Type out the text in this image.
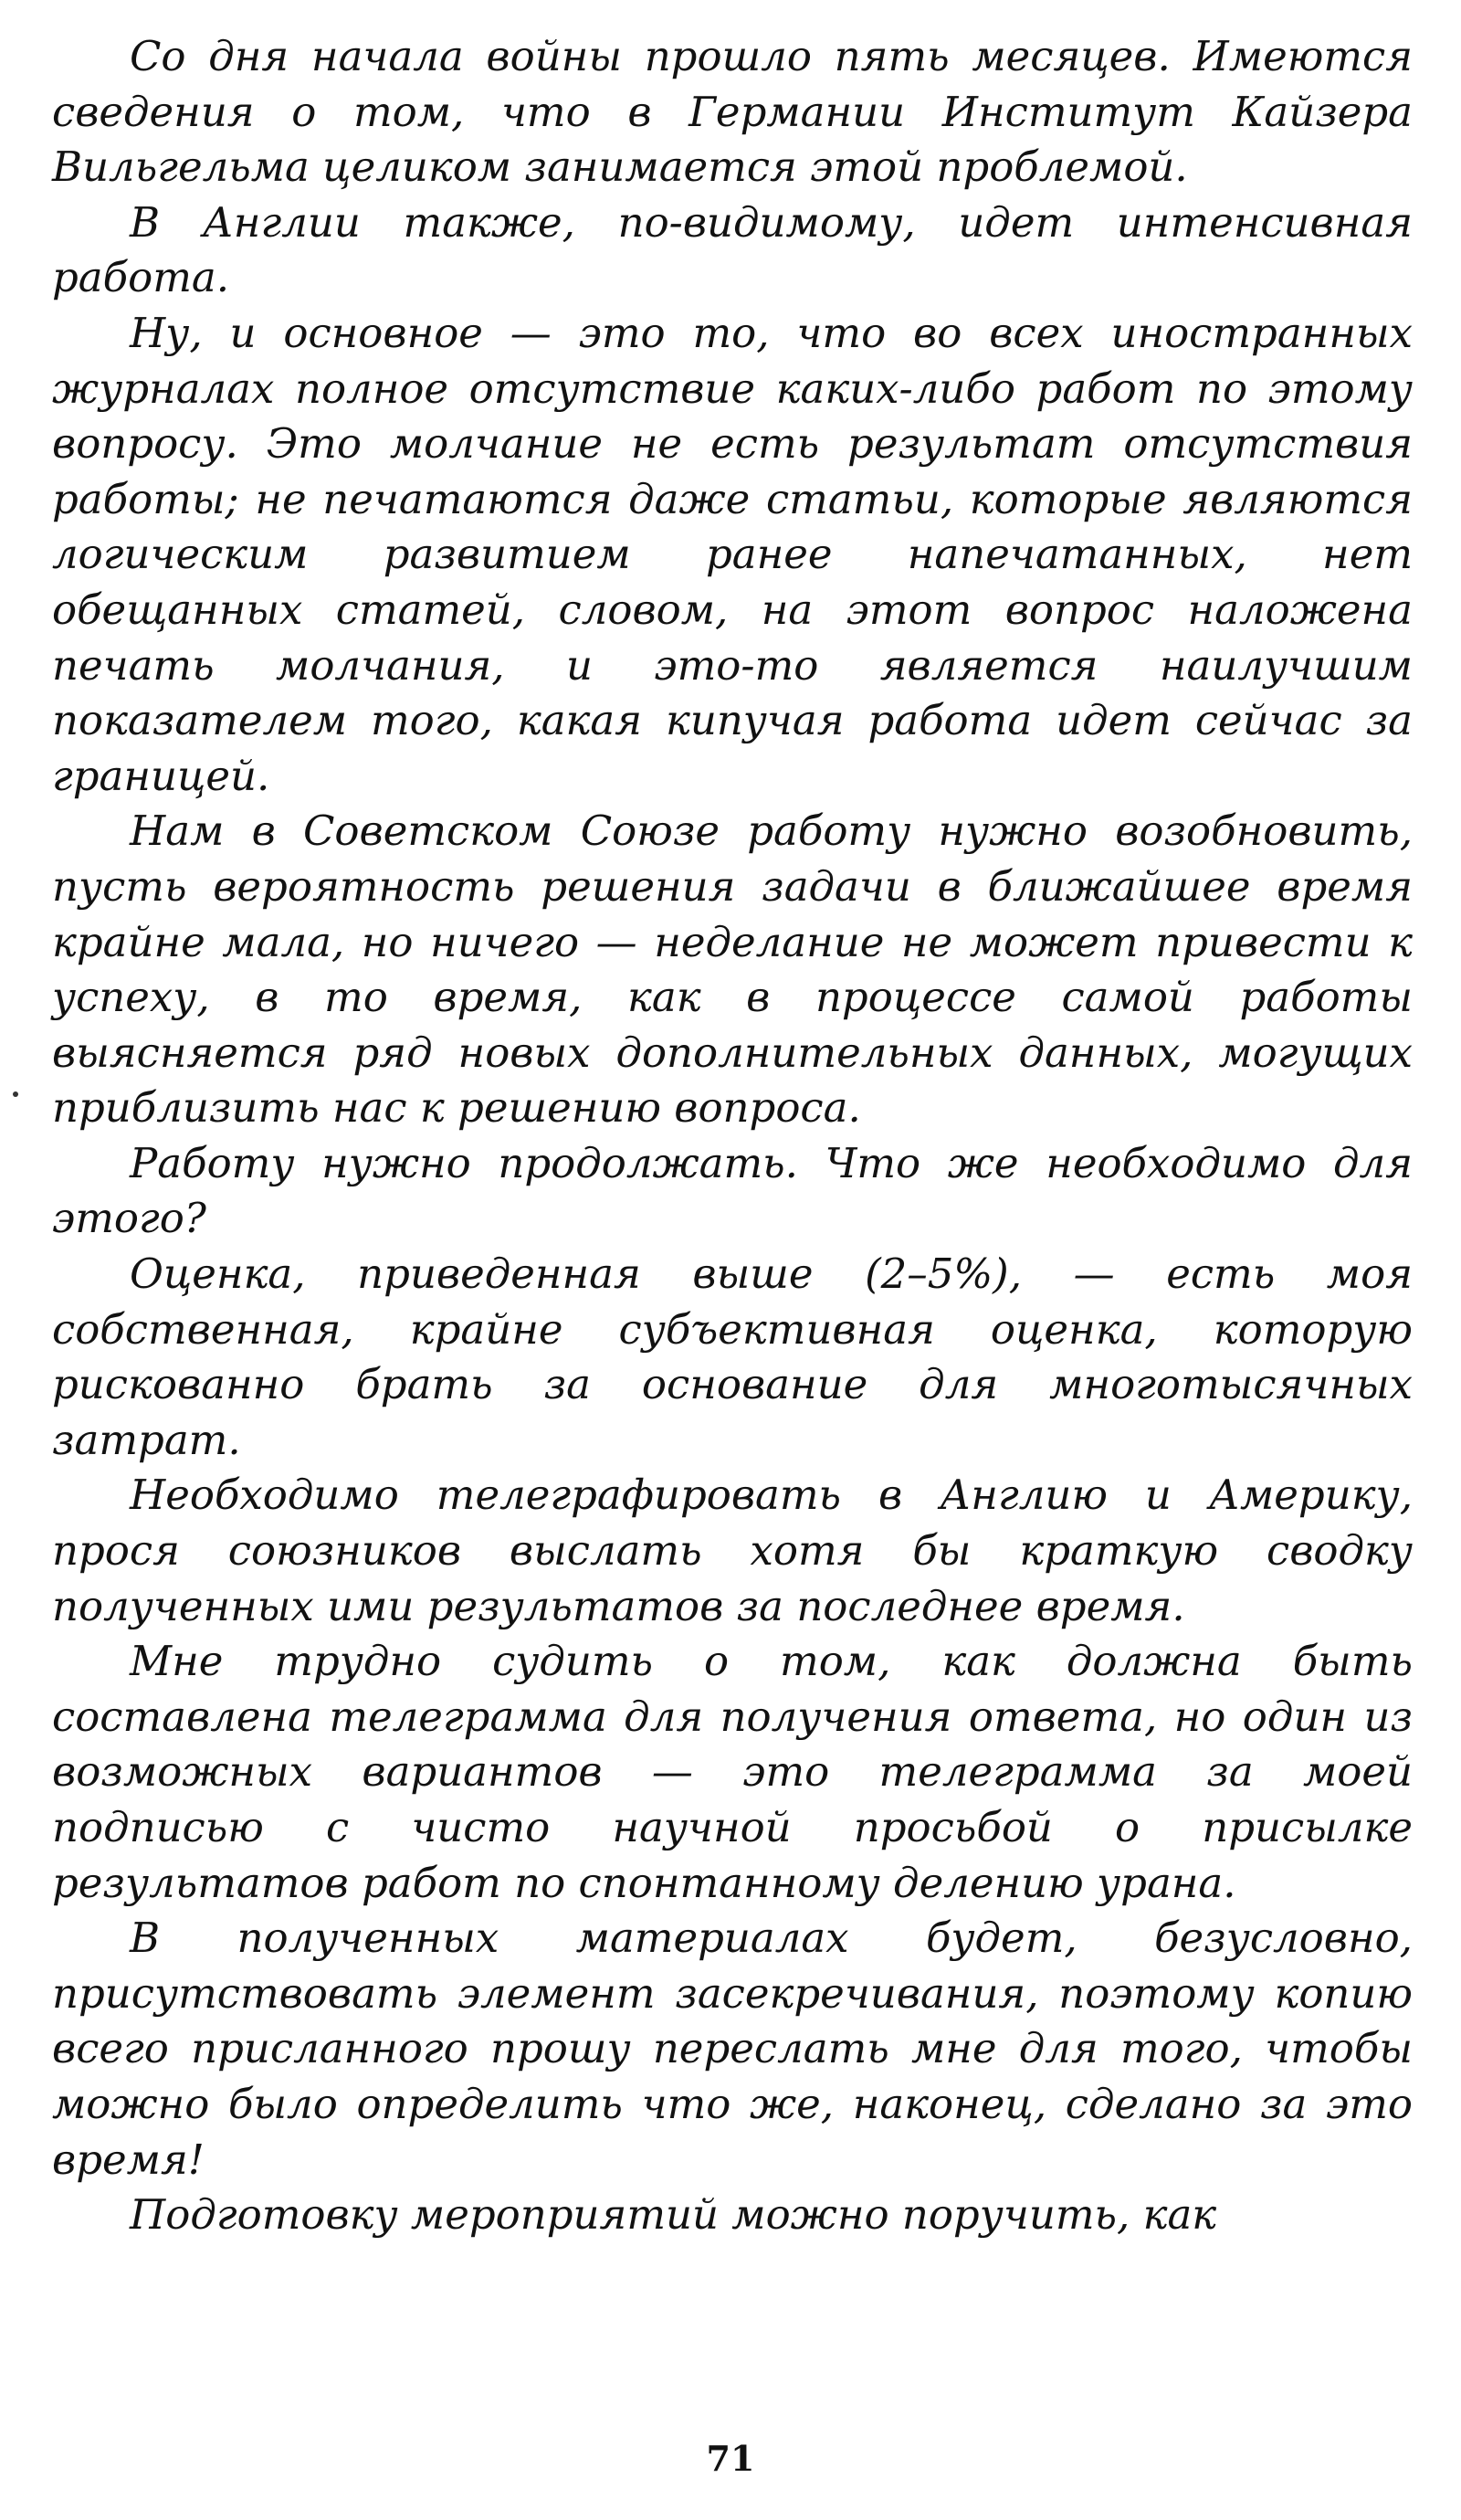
Со дня начала войны прошло пять месяцев. Имеются сведения о том, что в Германии Институт Кайзера Вильгельма целиком занимается этой проблемой.

В Англии также, по-видимому, идет интенсивная работа.

Ну, и основное — это то, что во всех иностранных журналах полное отсутствие каких-либо работ по этому вопросу. Это молчание не есть результат отсутствия работы; не печатаются даже статьи, которые являются логическим развитием ранее напечатанных, нет обещанных статей, словом, на этот вопрос наложена печать молчания, и это-то является наилучшим показателем того, какая кипучая работа идет сейчас за границей.

Нам в Советском Союзе работу нужно возобновить, пусть вероятность решения задачи в ближайшее время крайне мала, но ничего — неделание не может привести к успеху, в то время, как в процессе самой работы выясняется ряд новых дополнительных данных, могущих приблизить нас к решению вопроса.

Работу нужно продолжать. Что же необходимо для этого?

Оценка, приведенная выше (2–5%), — есть моя собственная, крайне субъективная оценка, которую рискованно брать за основание для многотысячных затрат.

Необходимо телеграфировать в Англию и Америку, прося союзников выслать хотя бы краткую сводку полученных ими результатов за последнее время.

Мне трудно судить о том, как должна быть составлена телеграмма для получения ответа, но один из возможных вариантов — это телеграмма за моей подписью с чисто научной просьбой о присылке результатов работ по спонтанному делению урана.

В полученных материалах будет, безусловно, присутствовать элемент засекречивания, поэтому копию всего присланного прошу переслать мне для того, чтобы можно было определить что же, наконец, сделано за это время!

Подготовку мероприятий можно поручить, как

71
